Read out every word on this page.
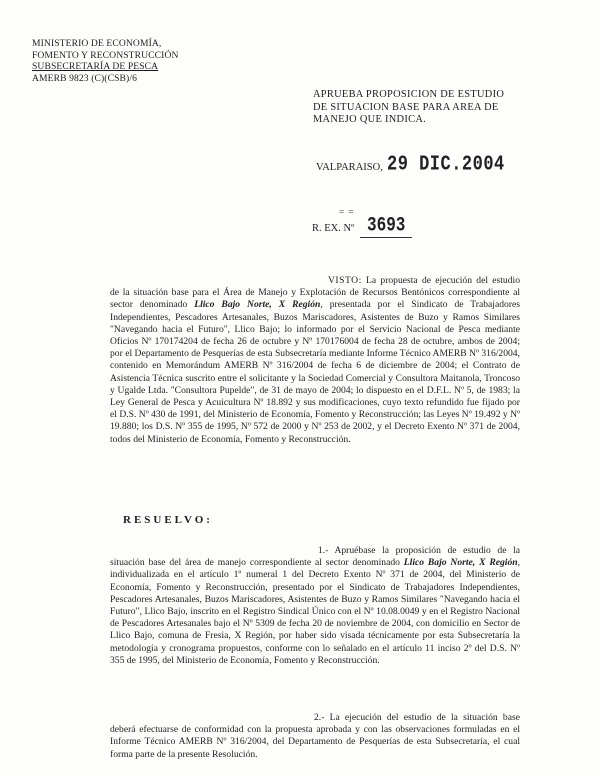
MINISTERIO DE ECONOMÍA,
FOMENTO Y RECONSTRUCCIÓN
SUBSECRETARÍA DE PESCA
AMERB 9823 (C)(CSB)/6
APRUEBA PROPOSICION DE ESTUDIO
DE SITUACION BASE PARA AREA DE
MANEJO QUE INDICA.
VALPARAISO, 29 DIC.2004
= =
R. EX. Nº 3693
VISTO: La propuesta de ejecución del estudio de la situación base para el Área de Manejo y Explotación de Recursos Bentónicos correspondiente al sector denominado Llico Bajo Norte, X Región, presentada por el Sindicato de Trabajadores Independientes, Pescadores Artesanales, Buzos Mariscadores, Asistentes de Buzo y Ramos Similares "Navegando hacia el Futuro", Llico Bajo; lo informado por el Servicio Nacional de Pesca mediante Oficios Nº 170174204 de fecha 26 de octubre y Nº 170176004 de fecha 28 de octubre, ambos de 2004; por el Departamento de Pesquerías de esta Subsecretaría mediante Informe Técnico AMERB Nº 316/2004, contenido en Memorándum AMERB Nº 316/2004 de fecha 6 de diciembre de 2004; el Contrato de Asistencia Técnica suscrito entre el solicitante y la Sociedad Comercial y Consultora Maitanola, Troncoso y Ugalde Ltda. "Consultora Pupelde", de 31 de mayo de 2004; lo dispuesto en el D.F.L. Nº 5, de 1983; la Ley General de Pesca y Acuicultura Nº 18.892 y sus modificaciones, cuyo texto refundido fue fijado por el D.S. Nº 430 de 1991, del Ministerio de Economía, Fomento y Reconstrucción; las Leyes Nº 19.492 y Nº 19.880; los D.S. Nº 355 de 1995, Nº 572 de 2000 y Nº 253 de 2002, y el Decreto Exento Nº 371 de 2004, todos del Ministerio de Economía, Fomento y Reconstrucción.
RESUELVO:
1.- Apruébase la proposición de estudio de la situación base del área de manejo correspondiente al sector denominado Llico Bajo Norte, X Región, individualizada en el artículo 1º numeral 1 del Decreto Exento Nº 371 de 2004, del Ministerio de Economía, Fomento y Reconstrucción, presentado por el Sindicato de Trabajadores Independientes, Pescadores Artesanales, Buzos Mariscadores, Asistentes de Buzo y Ramos Similares "Navegando hacia el Futuro", Llico Bajo, inscrito en el Registro Sindical Único con el Nº 10.08.0049 y en el Registro Nacional de Pescadores Artesanales bajo el Nº 5309 de fecha 20 de noviembre de 2004, con domicilio en Sector de Llico Bajo, comuna de Fresia, X Región, por haber sido visada técnicamente por esta Subsecretaría la metodología y cronograma propuestos, conforme con lo señalado en el artículo 11 inciso 2º del D.S. Nº 355 de 1995, del Ministerio de Economía, Fomento y Reconstrucción.
2.- La ejecución del estudio de la situación base deberá efectuarse de conformidad con la propuesta aprobada y con las observaciones formuladas en el Informe Técnico AMERB Nº 316/2004, del Departamento de Pesquerías de esta Subsecretaría, el cual forma parte de la presente Resolución.
